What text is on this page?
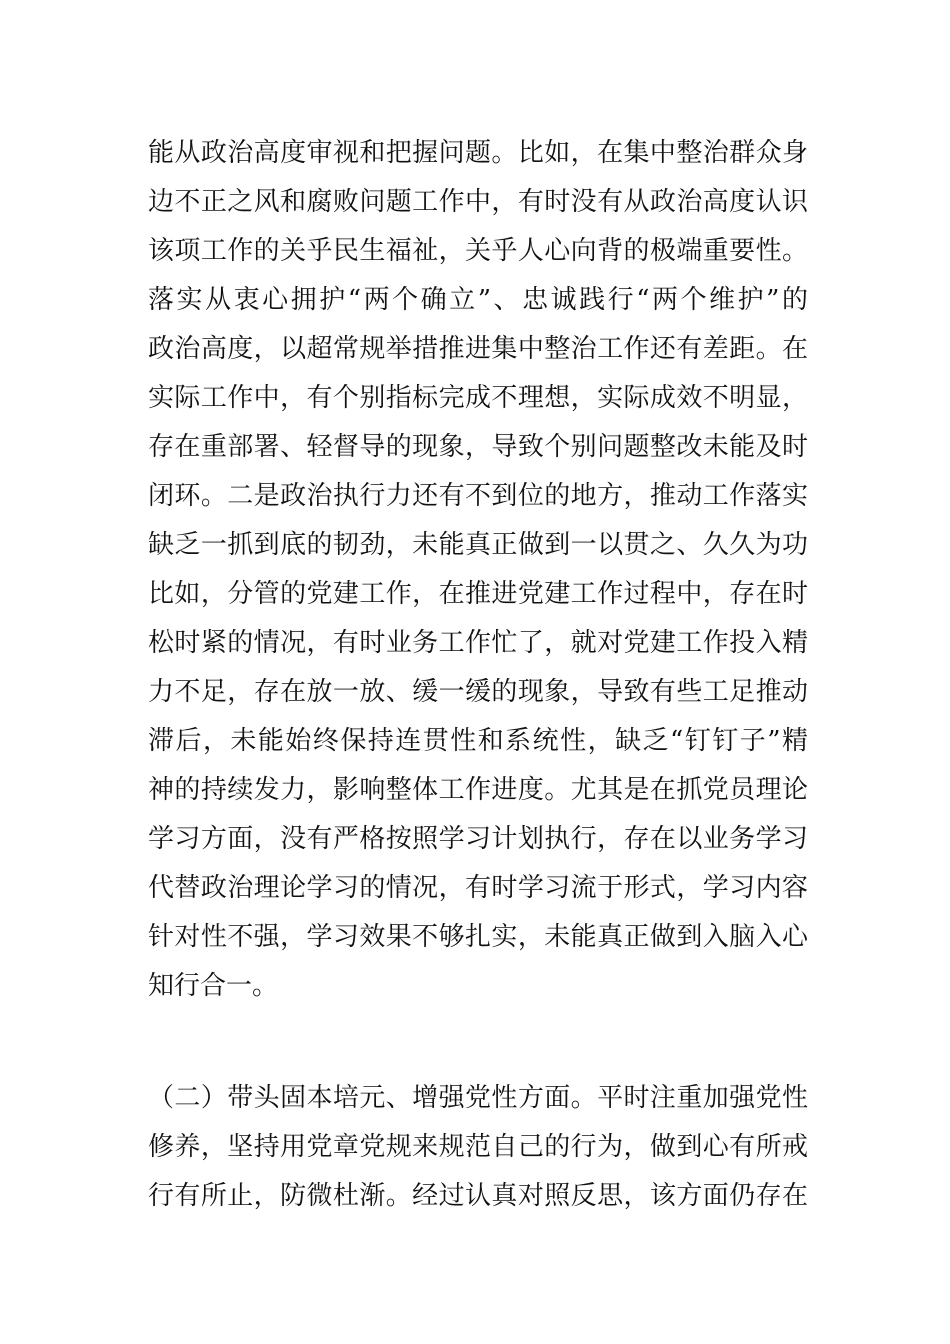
能从政治高度审视和把握问题。比如，在集中整治群众身
边不正之风和腐败问题工作中，有时没有从政治高度认识
该项工作的关乎民生福祉，关乎人心向背的极端重要性。
落实从衷心拥护“两个确立”、忠诚践行“两个维护”的
政治高度，以超常规举措推进集中整治工作还有差距。在
实际工作中，有个别指标完成不理想，实际成效不明显，
存在重部署、轻督导的现象，导致个别问题整改未能及时
闭环。二是政治执行力还有不到位的地方，推动工作落实
缺乏一抓到底的韧劲，未能真正做到一以贯之、久久为功
比如，分管的党建工作，在推进党建工作过程中，存在时
松时紧的情况，有时业务工作忙了，就对党建工作投入精
力不足，存在放一放、缓一缓的现象，导致有些工足推动
滞后，未能始终保持连贯性和系统性，缺乏“钉钉子”精
神的持续发力，影响整体工作进度。尤其是在抓党员理论
学习方面，没有严格按照学习计划执行，存在以业务学习
代替政治理论学习的情况，有时学习流于形式，学习内容
针对性不强，学习效果不够扎实，未能真正做到入脑入心
知行合一。
（二）带头固本培元、增强党性方面。平时注重加强党性
修养，坚持用党章党规来规范自己的行为，做到心有所戒
行有所止，防微杜渐。经过认真对照反思，该方面仍存在
